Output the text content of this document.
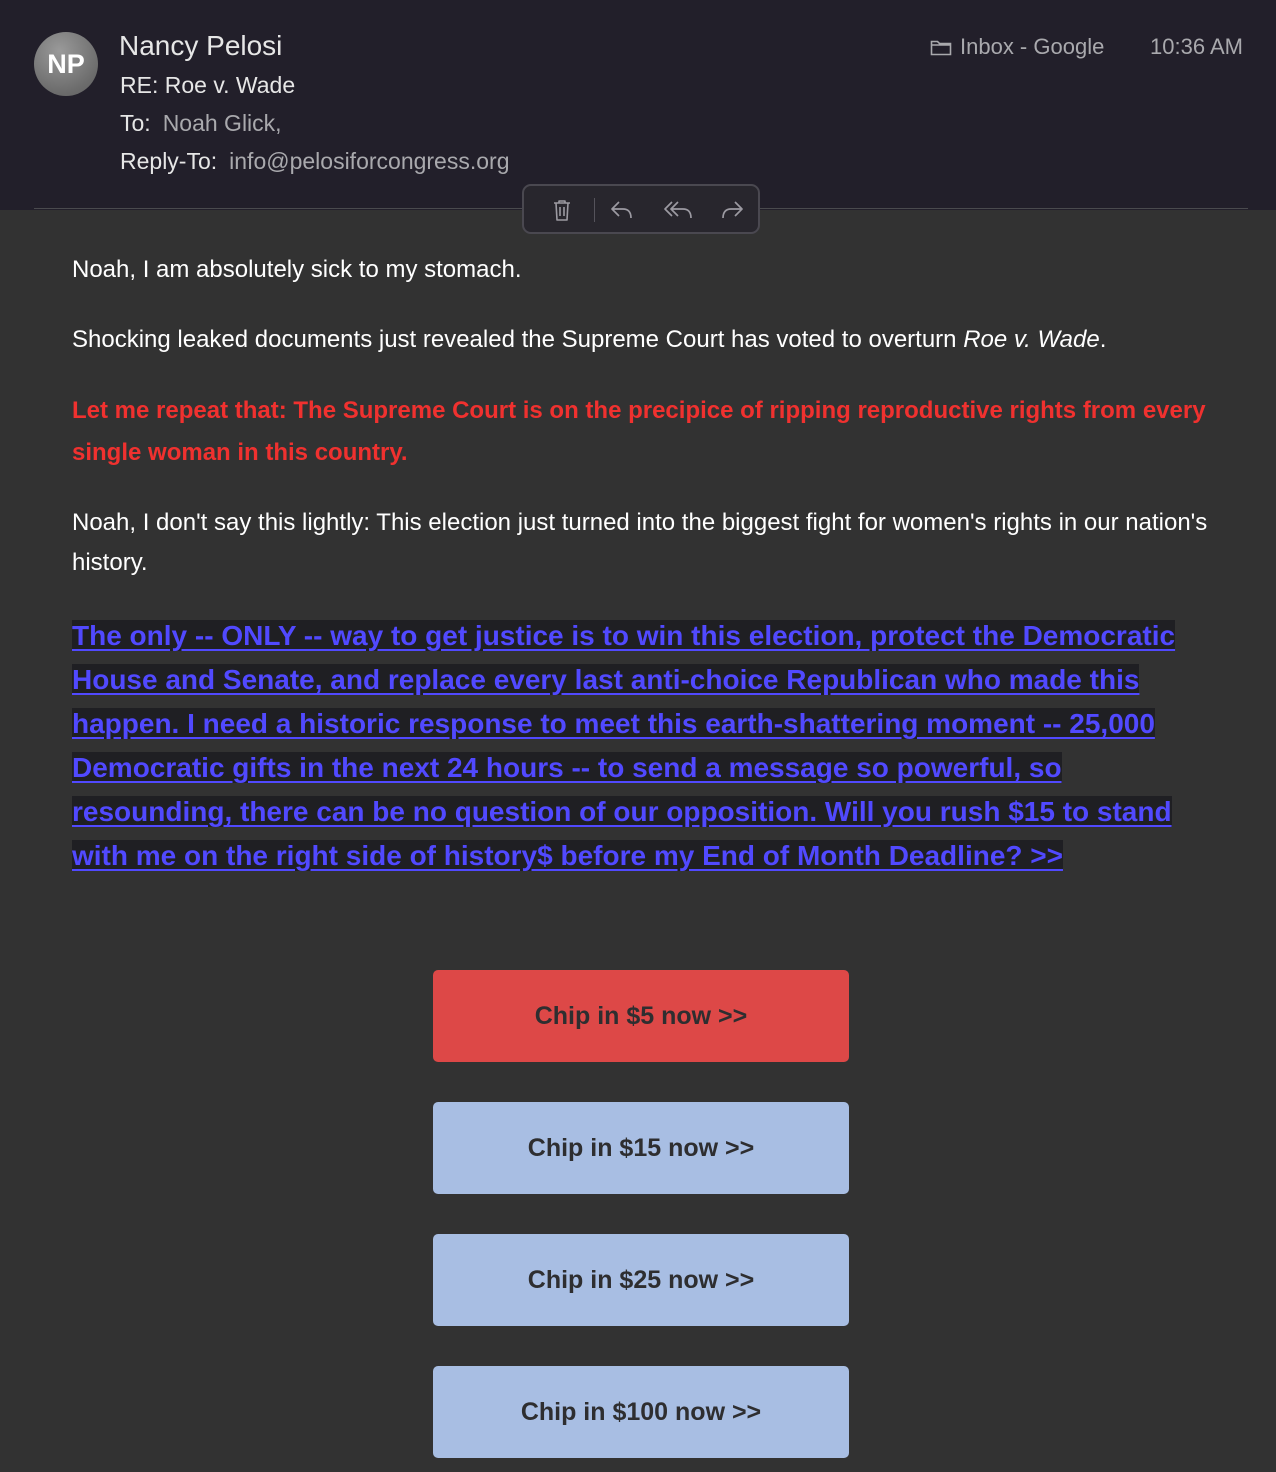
NP
Nancy Pelosi
RE: Roe v. Wade
To: Noah Glick,
Reply-To: info@pelosiforcongress.org
Inbox - Google 10:36 AM
Noah, I am absolutely sick to my stomach.
Shocking leaked documents just revealed the Supreme Court has voted to overturn Roe v. Wade.
Let me repeat that: The Supreme Court is on the precipice of ripping reproductive rights from every single woman in this country.
Noah, I don't say this lightly: This election just turned into the biggest fight for women's rights in our nation's history.
The only -- ONLY -- way to get justice is to win this election, protect the Democratic House and Senate, and replace every last anti-choice Republican who made this happen. I need a historic response to meet this earth-shattering moment -- 25,000 Democratic gifts in the next 24 hours -- to send a message so powerful, so resounding, there can be no question of our opposition. Will you rush $15 to stand with me on the right side of history$ before my End of Month Deadline? >>
Chip in $5 now >>
Chip in $15 now >>
Chip in $25 now >>
Chip in $100 now >>
